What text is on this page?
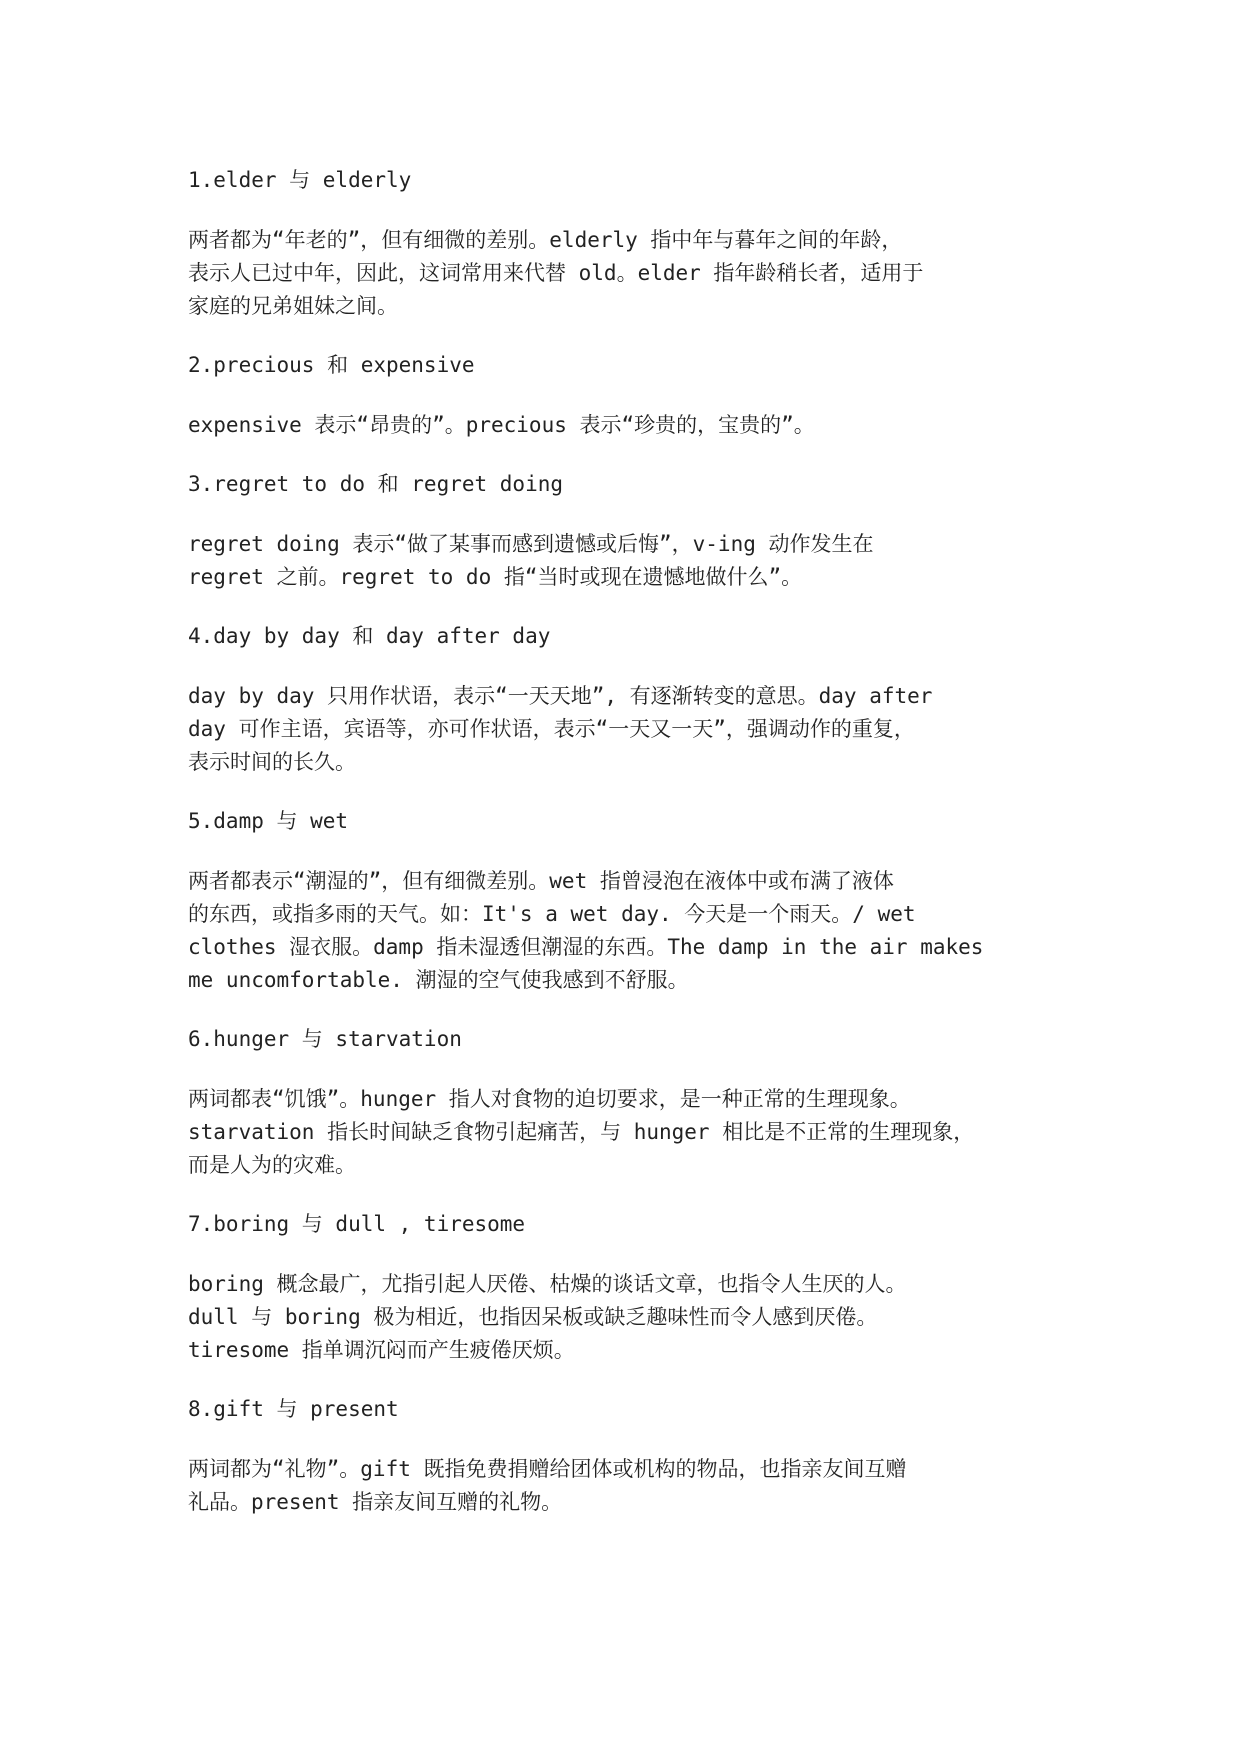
1.elder 与 elderly

两者都为“年老的”，但有细微的差别。elderly 指中年与暮年之间的年龄，
表示人已过中年，因此，这词常用来代替 old。elder 指年龄稍长者，适用于
家庭的兄弟姐妹之间。

2.precious 和 expensive

expensive 表示“昂贵的”。precious 表示“珍贵的，宝贵的”。

3.regret to do 和 regret doing

regret doing 表示“做了某事而感到遗憾或后悔”，v-ing 动作发生在
regret 之前。regret to do 指“当时或现在遗憾地做什么”。

4.day by day 和 day after day

day by day 只用作状语，表示“一天天地”, 有逐渐转变的意思。day after
day 可作主语，宾语等，亦可作状语，表示“一天又一天”，强调动作的重复，
表示时间的长久。

5.damp 与 wet

两者都表示“潮湿的”，但有细微差别。wet 指曾浸泡在液体中或布满了液体
的东西，或指多雨的天气。如：It's a wet day. 今天是一个雨天。/ wet
clothes 湿衣服。damp 指未湿透但潮湿的东西。The damp in the air makes
me uncomfortable. 潮湿的空气使我感到不舒服。

6.hunger 与 starvation

两词都表“饥饿”。hunger 指人对食物的迫切要求，是一种正常的生理现象。
starvation 指长时间缺乏食物引起痛苦，与 hunger 相比是不正常的生理现象，
而是人为的灾难。

7.boring 与 dull , tiresome

boring 概念最广，尤指引起人厌倦、枯燥的谈话文章，也指令人生厌的人。
dull 与 boring 极为相近，也指因呆板或缺乏趣味性而令人感到厌倦。
tiresome 指单调沉闷而产生疲倦厌烦。

8.gift 与 present

两词都为“礼物”。gift 既指免费捐赠给团体或机构的物品，也指亲友间互赠
礼品。present 指亲友间互赠的礼物。
